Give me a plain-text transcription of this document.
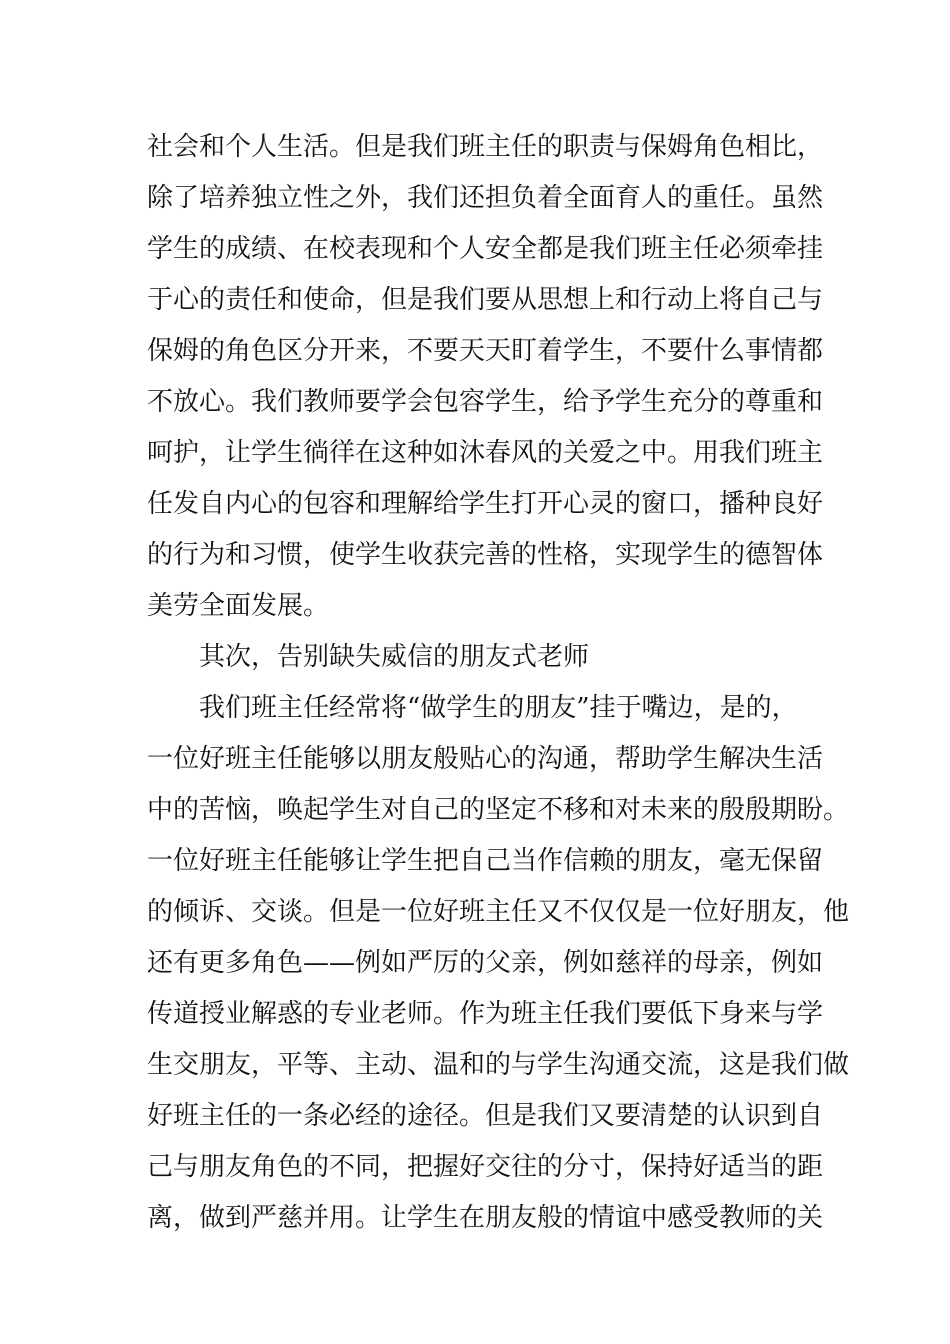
社会和个人生活。但是我们班主任的职责与保姆角色相比，
除了培养独立性之外，我们还担负着全面育人的重任。虽然
学生的成绩、在校表现和个人安全都是我们班主任必须牵挂
于心的责任和使命，但是我们要从思想上和行动上将自己与
保姆的角色区分开来，不要天天盯着学生，不要什么事情都
不放心。我们教师要学会包容学生，给予学生充分的尊重和
呵护，让学生徜徉在这种如沐春风的关爱之中。用我们班主
任发自内心的包容和理解给学生打开心灵的窗口，播种良好
的行为和习惯，使学生收获完善的性格，实现学生的德智体
美劳全面发展。
其次，告别缺失威信的朋友式老师
我们班主任经常将“做学生的朋友”挂于嘴边，是的，
一位好班主任能够以朋友般贴心的沟通，帮助学生解决生活
中的苦恼，唤起学生对自己的坚定不移和对未来的殷殷期盼。
一位好班主任能够让学生把自己当作信赖的朋友，毫无保留
的倾诉、交谈。但是一位好班主任又不仅仅是一位好朋友，他
还有更多角色——例如严厉的父亲，例如慈祥的母亲，例如
传道授业解惑的专业老师。作为班主任我们要低下身来与学
生交朋友，平等、主动、温和的与学生沟通交流，这是我们做
好班主任的一条必经的途径。但是我们又要清楚的认识到自
己与朋友角色的不同，把握好交往的分寸，保持好适当的距
离，做到严慈并用。让学生在朋友般的情谊中感受教师的关
